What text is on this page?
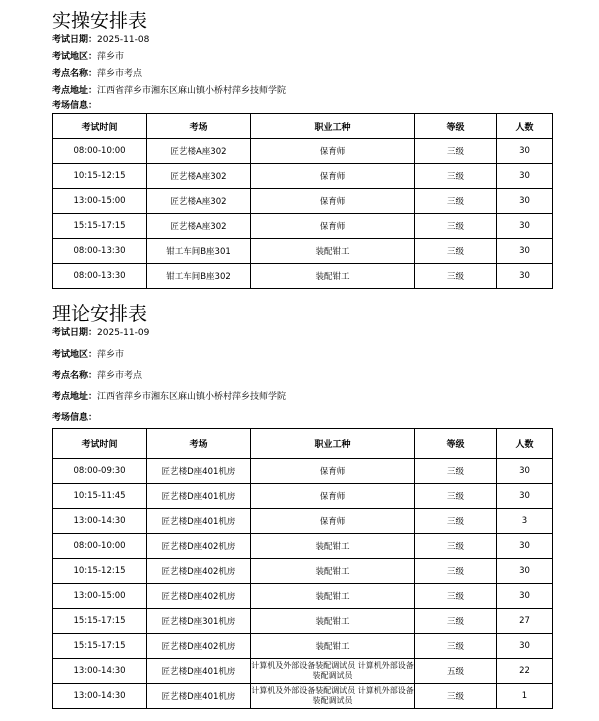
实操安排表
考试日期： 2025-11-08
考试地区： 萍乡市
考点名称： 萍乡市考点
考点地址： 江西省萍乡市湘东区麻山镇小桥村萍乡技师学院
考场信息：
考试时间	考场	职业工种	等级	人数
08:00-10:00	匠艺楼A座302	保育师	三级	30
10:15-12:15	匠艺楼A座302	保育师	三级	30
13:00-15:00	匠艺楼A座302	保育师	三级	30
15:15-17:15	匠艺楼A座302	保育师	三级	30
08:00-13:30	钳工车间B座301	装配钳工	三级	30
08:00-13:30	钳工车间B座302	装配钳工	三级	30
理论安排表
考试日期： 2025-11-09
考试地区： 萍乡市
考点名称： 萍乡市考点
考点地址： 江西省萍乡市湘东区麻山镇小桥村萍乡技师学院
考场信息：
考试时间	考场	职业工种	等级	人数
08:00-09:30	匠艺楼D座401机房	保育师	三级	30
10:15-11:45	匠艺楼D座401机房	保育师	三级	30
13:00-14:30	匠艺楼D座401机房	保育师	三级	3
08:00-10:00	匠艺楼D座402机房	装配钳工	三级	30
10:15-12:15	匠艺楼D座402机房	装配钳工	三级	30
13:00-15:00	匠艺楼D座402机房	装配钳工	三级	30
15:15-17:15	匠艺楼D座301机房	装配钳工	三级	27
15:15-17:15	匠艺楼D座402机房	装配钳工	三级	30
13:00-14:30	匠艺楼D座401机房	计算机及外部设备装配调试员 计算机外部设备装配调试员	五级	22
13:00-14:30	匠艺楼D座401机房	计算机及外部设备装配调试员 计算机外部设备装配调试员	三级	1
